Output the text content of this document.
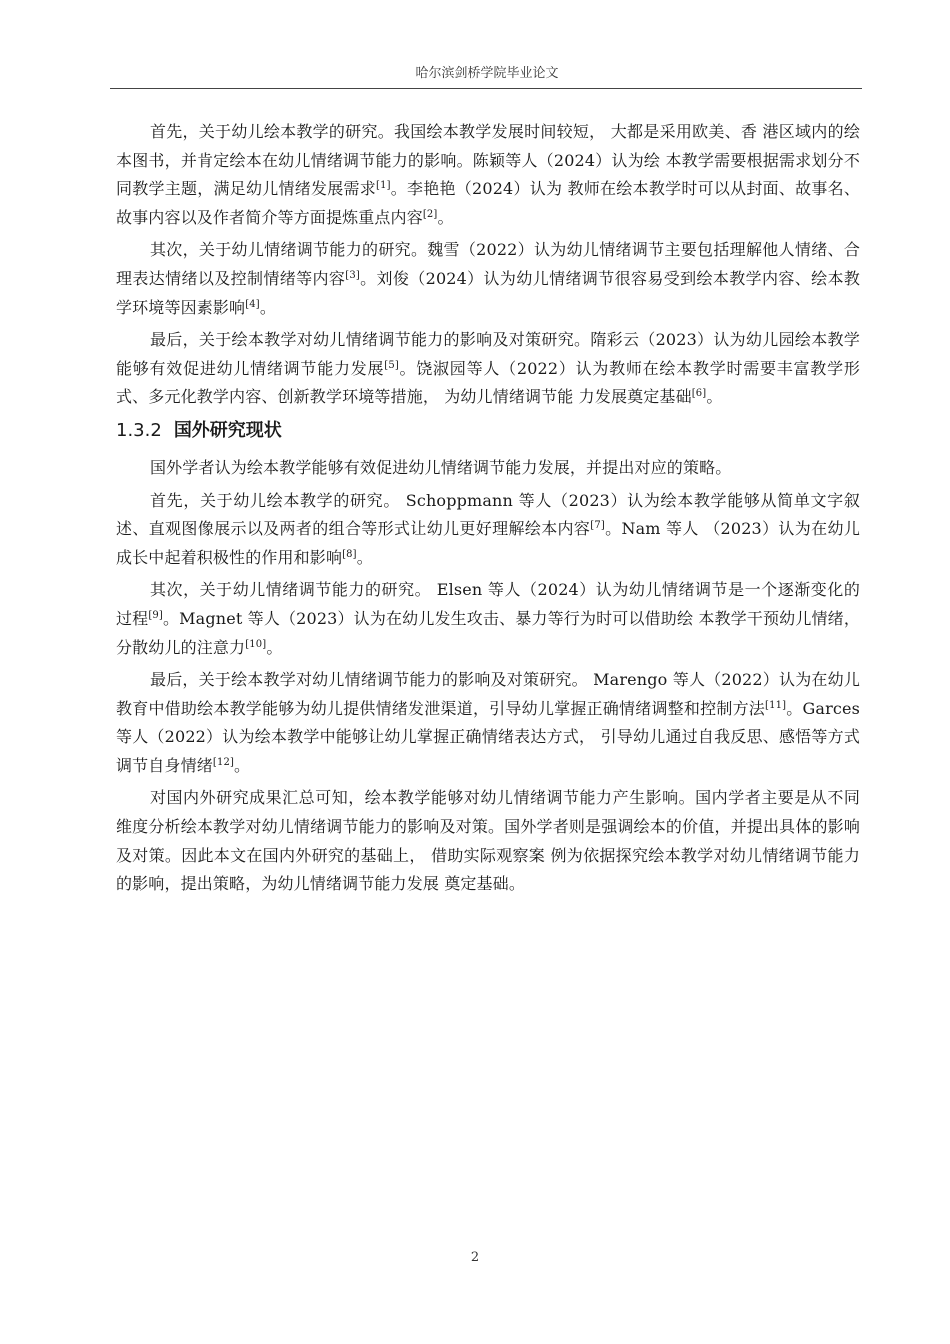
哈尔滨剑桥学院毕业论文

首先，关于幼儿绘本教学的研究。我国绘本教学发展时间较短， 大都是采用欧美、香 港区域内的绘本图书，并肯定绘本在幼儿情绪调节能力的影响。陈颖等人（2024）认为绘 本教学需要根据需求划分不同教学主题，满足幼儿情绪发展需求[1]。李艳艳（2024）认为 教师在绘本教学时可以从封面、故事名、故事内容以及作者简介等方面提炼重点内容[2]。

其次，关于幼儿情绪调节能力的研究。魏雪（2022）认为幼儿情绪调节主要包括理解他人情绪、合理表达情绪以及控制情绪等内容[3]。刘俊（2024）认为幼儿情绪调节很容易受到绘本教学内容、绘本教学环境等因素影响[4]。

最后，关于绘本教学对幼儿情绪调节能力的影响及对策研究。隋彩云（2023）认为幼儿园绘本教学能够有效促进幼儿情绪调节能力发展[5]。饶淑园等人（2022）认为教师在绘本教学时需要丰富教学形式、多元化教学内容、创新教学环境等措施， 为幼儿情绪调节能 力发展奠定基础[6]。

1.3.2 国外研究现状

国外学者认为绘本教学能够有效促进幼儿情绪调节能力发展，并提出对应的策略。

首先，关于幼儿绘本教学的研究。 Schoppmann 等人（2023）认为绘本教学能够从简单文字叙述、直观图像展示以及两者的组合等形式让幼儿更好理解绘本内容[7]。Nam 等人 （2023）认为在幼儿成长中起着积极性的作用和影响[8]。

其次，关于幼儿情绪调节能力的研究。 Elsen 等人（2024）认为幼儿情绪调节是一个逐渐变化的过程[9]。Magnet 等人（2023）认为在幼儿发生攻击、暴力等行为时可以借助绘 本教学干预幼儿情绪，分散幼儿的注意力[10]。

最后，关于绘本教学对幼儿情绪调节能力的影响及对策研究。 Marengo 等人（2022）认为在幼儿教育中借助绘本教学能够为幼儿提供情绪发泄渠道，引导幼儿掌握正确情绪调整和控制方法[11]。Garces 等人（2022）认为绘本教学中能够让幼儿掌握正确情绪表达方式， 引导幼儿通过自我反思、感悟等方式调节自身情绪[12]。

对国内外研究成果汇总可知，绘本教学能够对幼儿情绪调节能力产生影响。国内学者主要是从不同维度分析绘本教学对幼儿情绪调节能力的影响及对策。国外学者则是强调绘本的价值，并提出具体的影响及对策。因此本文在国内外研究的基础上， 借助实际观察案 例为依据探究绘本教学对幼儿情绪调节能力的影响，提出策略，为幼儿情绪调节能力发展 奠定基础。

2
